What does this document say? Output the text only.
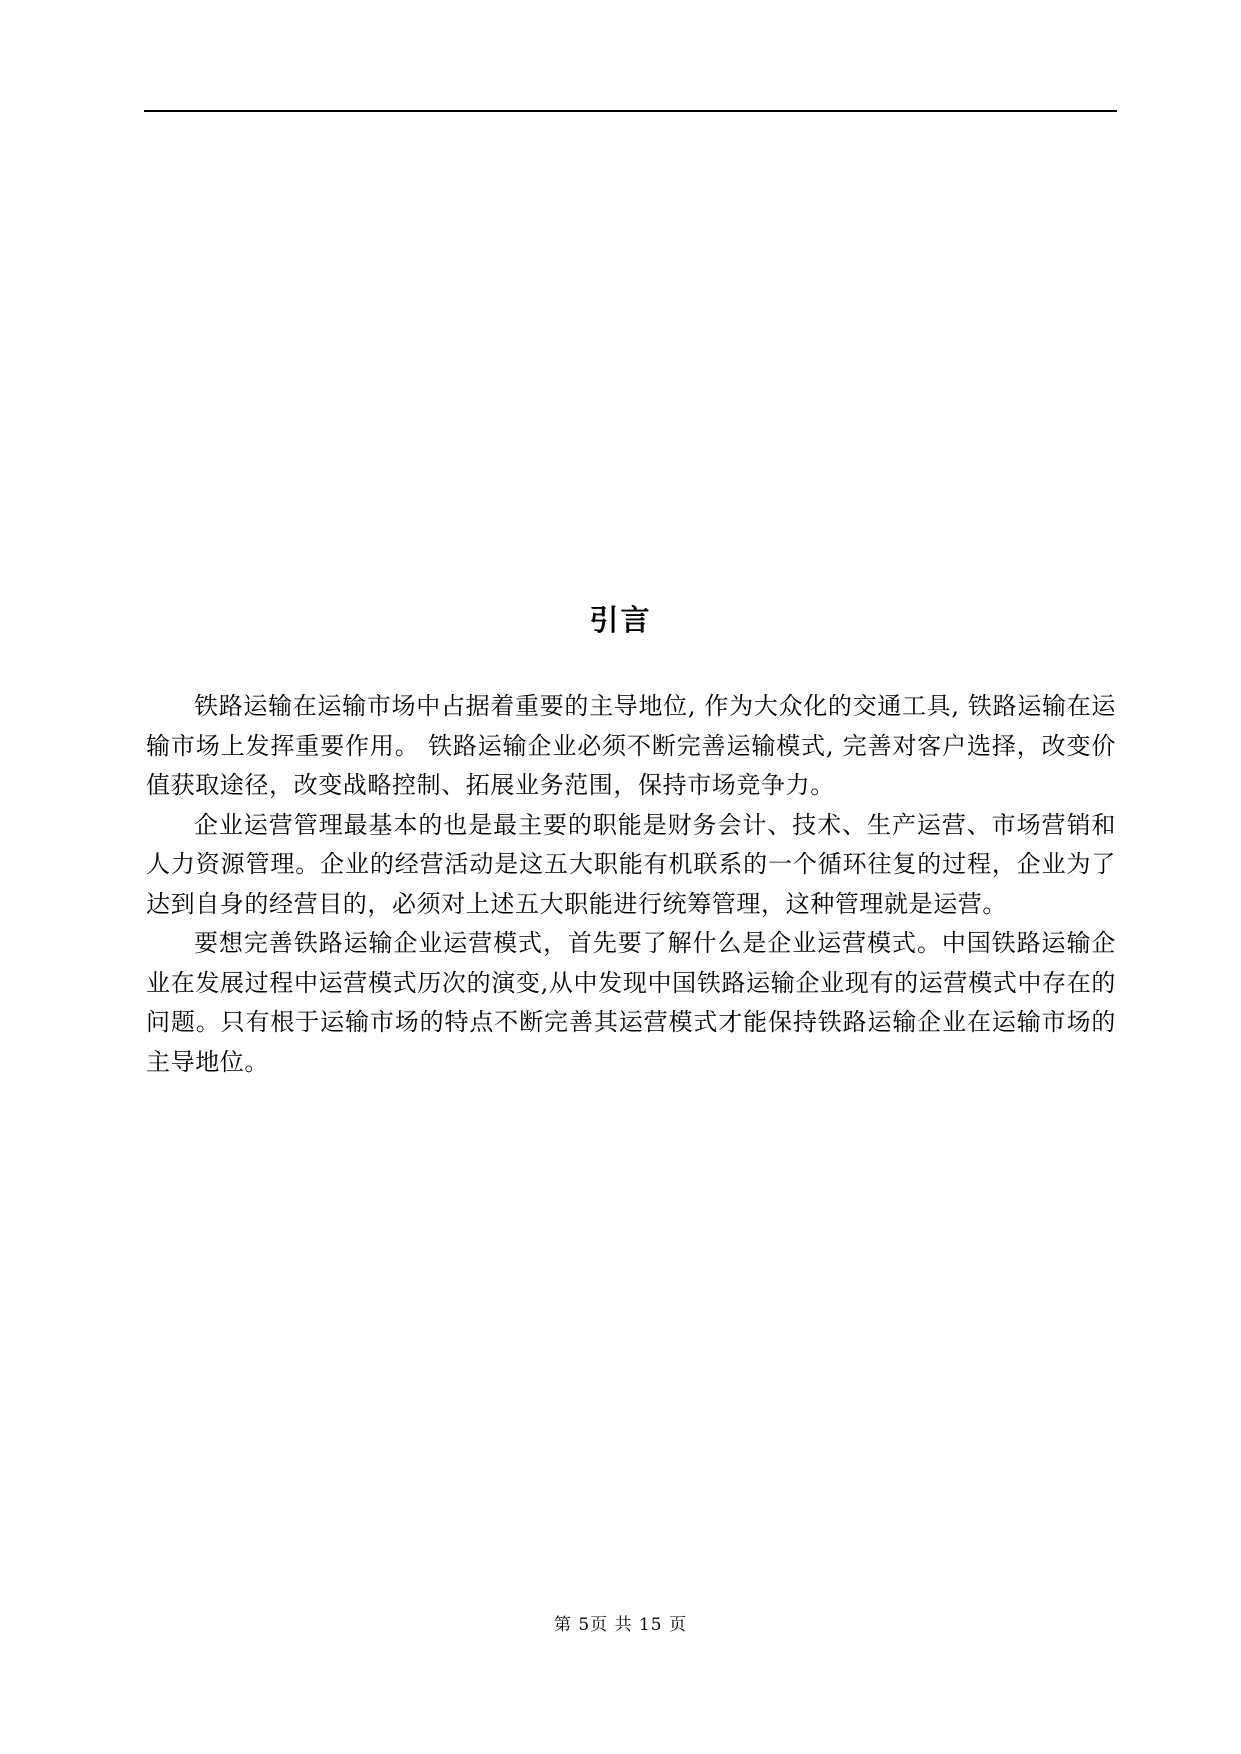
引言

铁路运输在运输市场中占据着重要的主导地位, 作为大众化的交通工具, 铁路运输在运输市场上发挥重要作用。 铁路运输企业必须不断完善运输模式, 完善对客户选择，改变价值获取途径，改变战略控制、拓展业务范围，保持市场竞争力。

企业运营管理最基本的也是最主要的职能是财务会计、技术、生产运营、市场营销和人力资源管理。企业的经营活动是这五大职能有机联系的一个循环往复的过程，企业为了达到自身的经营目的，必须对上述五大职能进行统筹管理，这种管理就是运营。

要想完善铁路运输企业运营模式，首先要了解什么是企业运营模式。中国铁路运输企业在发展过程中运营模式历次的演变,从中发现中国铁路运输企业现有的运营模式中存在的问题。只有根于运输市场的特点不断完善其运营模式才能保持铁路运输企业在运输市场的主导地位。

第 5页 共 15 页
